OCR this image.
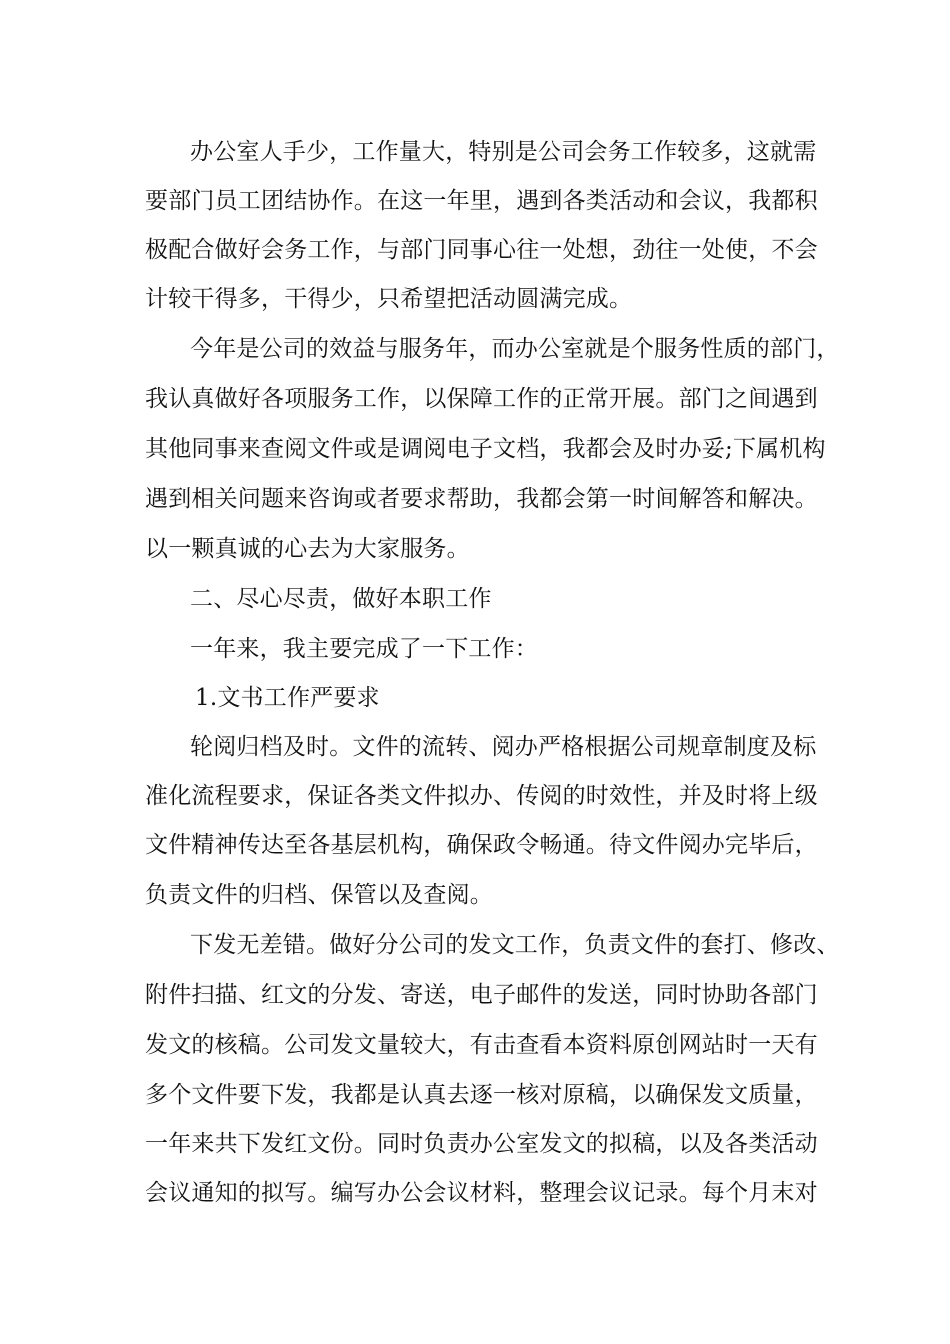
办公室人手少，工作量大，特别是公司会务工作较多，这就需

要部门员工团结协作。在这一年里，遇到各类活动和会议，我都积

极配合做好会务工作，与部门同事心往一处想，劲往一处使，不会

计较干得多，干得少，只希望把活动圆满完成。

今年是公司的效益与服务年，而办公室就是个服务性质的部门，

我认真做好各项服务工作，以保障工作的正常开展。部门之间遇到

其他同事来查阅文件或是调阅电子文档，我都会及时办妥;下属机构

遇到相关问题来咨询或者要求帮助，我都会第一时间解答和解决。

以一颗真诚的心去为大家服务。

二、尽心尽责，做好本职工作

一年来，我主要完成了一下工作：

1.文书工作严要求

轮阅归档及时。文件的流转、阅办严格根据公司规章制度及标

准化流程要求，保证各类文件拟办、传阅的时效性，并及时将上级

文件精神传达至各基层机构，确保政令畅通。待文件阅办完毕后，

负责文件的归档、保管以及查阅。

下发无差错。做好分公司的发文工作，负责文件的套打、修改、

附件扫描、红文的分发、寄送，电子邮件的发送，同时协助各部门

发文的核稿。公司发文量较大，有击查看本资料原创网站时一天有

多个文件要下发，我都是认真去逐一核对原稿，以确保发文质量，

一年来共下发红文份。同时负责办公室发文的拟稿，以及各类活动

会议通知的拟写。编写办公会议材料，整理会议记录。每个月末对
